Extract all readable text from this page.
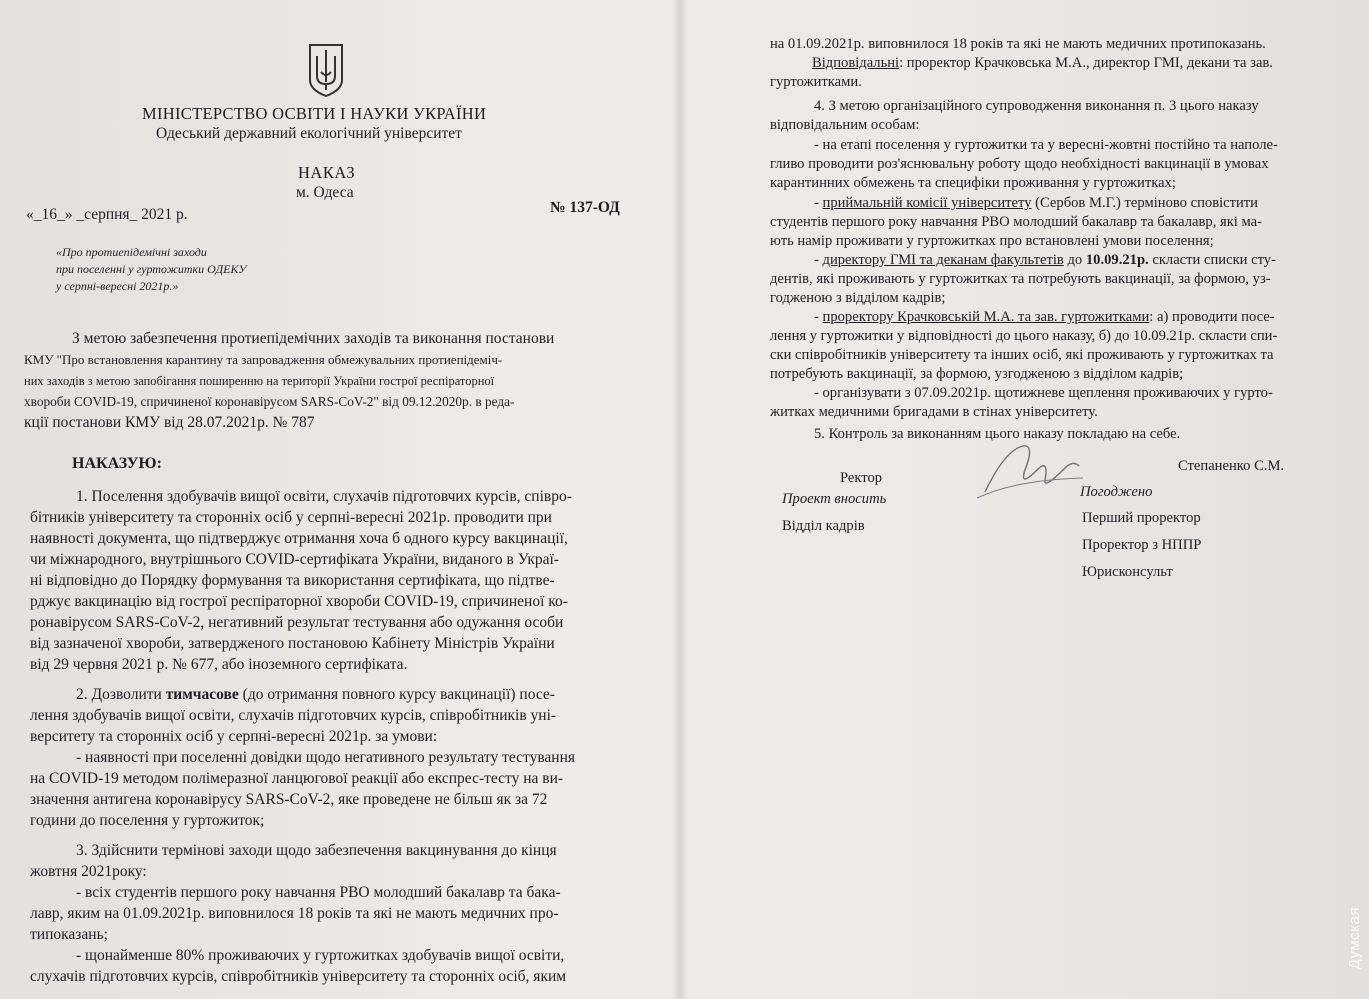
МІНІСТЕРСТВО ОСВІТИ І НАУКИ УКРАЇНИ
Одеський державний екологічний університет
НАКАЗ
м. Одеса
«_16_» _серпня_ 2021 р.	№ 137-ОД
«Про протиепідемічні заходи
при поселенні у гуртожитки ОДЕКУ
у серпні-вересні 2021р.»
З метою забезпечення протиепідемічних заходів та виконання постанови
КМУ "Про встановлення карантину та запровадження обмежувальних протиепідеміч-
них заходів з метою запобігання поширенню на території України гострої респіраторної
хвороби COVID-19, спричиненої коронавірусом SARS-CoV-2" від 09.12.2020р. в реда-
кції постанови КМУ від 28.07.2021р. № 787
НАКАЗУЮ:
1. Поселення здобувачів вищої освіти, слухачів підготовчих курсів, співро-
бітників університету та сторонніх осіб у серпні-вересні 2021р. проводити при
наявності документа, що підтверджує отримання хоча б одного курсу вакцинації,
чи міжнародного, внутрішнього COVID-сертифіката України, виданого в Украї-
ні відповідно до Порядку формування та використання сертифіката, що підтве-
рджує вакцинацію від гострої респіраторної хвороби COVID-19, спричиненої ко-
ронавірусом SARS-CoV-2, негативний результат тестування або одужання особи
від зазначеної хвороби, затвердженого постановою Кабінету Міністрів України
від 29 червня 2021 р. № 677, або іноземного сертифіката.
2. Дозволити тимчасове (до отримання повного курсу вакцинації) посе-
лення здобувачів вищої освіти, слухачів підготовчих курсів, співробітників уні-
верситету та сторонніх осіб у серпні-вересні 2021р. за умови:
- наявності при поселенні довідки щодо негативного результату тестування
на COVID-19 методом полімеразної ланцюгової реакції або експрес-тесту на ви-
значення антигена коронавірусу SARS-CoV-2, яке проведене не більш як за 72
години до поселення у гуртожиток;
3. Здійснити термінові заходи щодо забезпечення вакцинування до кінця
жовтня 2021року:
- всіх студентів першого року навчання РВО молодший бакалавр та бака-
лавр, яким на 01.09.2021р. виповнилося 18 років та які не мають медичних про-
типоказань;
- щонайменше 80% проживаючих у гуртожитках здобувачів вищої освіти,
слухачів підготовчих курсів, співробітників університету та сторонніх осіб, яким
на 01.09.2021р. виповнилося 18 років та які не мають медичних протипоказань.
Відповідальні: проректор Крачковська М.А., директор ГМІ, декани та зав.
гуртожитками.
4. З метою організаційного супроводження виконання п. 3 цього наказу
відповідальним особам:
- на етапі поселення у гуртожитки та у вересні-жовтні постійно та наполе-
гливо проводити роз'яснювальну роботу щодо необхідності вакцинації в умовах
карантинних обмежень та специфіки проживання у гуртожитках;
- приймальній комісії університету (Сербов М.Г.) терміново сповістити
студентів першого року навчання РВО молодший бакалавр та бакалавр, які ма-
ють намір проживати у гуртожитках про встановлені умови поселення;
- директору ГМІ та деканам факультетів до 10.09.21р. скласти списки сту-
дентів, які проживають у гуртожитках та потребують вакцинації, за формою, уз-
годженою з відділом кадрів;
- проректору Крачковській М.А. та зав. гуртожитками: а) проводити посе-
лення у гуртожитки у відповідності до цього наказу, б) до 10.09.21р. скласти спи-
ски співробітників університету та інших осіб, які проживають у гуртожитках та
потребують вакцинації, за формою, узгодженою з відділом кадрів;
- організувати з 07.09.2021р. щотижневе щеплення проживаючих у гурто-
житках медичними бригадами в стінах університету.
5. Контроль за виконанням цього наказу покладаю на себе.
Ректор
Степаненко С.М.
Проект вносить
Відділ кадрів
Погоджено
Перший проректор
Проректор з НППР
Юрисконсульт
Думская
